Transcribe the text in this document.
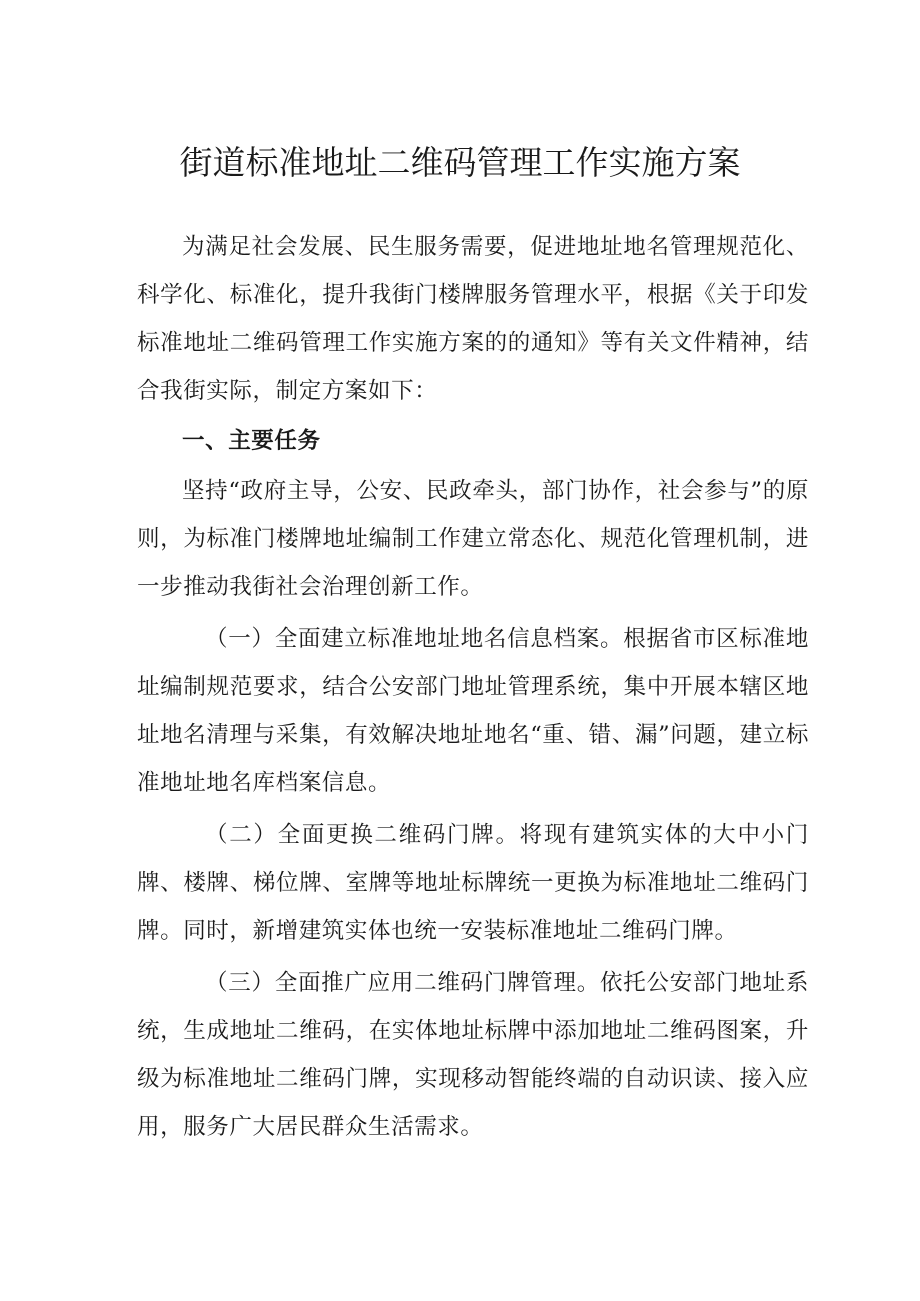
街道标准地址二维码管理工作实施方案

为满足社会发展、民生服务需要，促进地址地名管理规范化、科学化、标准化，提升我街门楼牌服务管理水平，根据《关于印发标准地址二维码管理工作实施方案的的通知》等有关文件精神，结合我街实际，制定方案如下：

一、主要任务

坚持“政府主导，公安、民政牵头，部门协作，社会参与”的原则，为标准门楼牌地址编制工作建立常态化、规范化管理机制，进一步推动我街社会治理创新工作。

（一）全面建立标准地址地名信息档案。根据省市区标准地址编制规范要求，结合公安部门地址管理系统，集中开展本辖区地址地名清理与采集，有效解决地址地名“重、错、漏”问题，建立标准地址地名库档案信息。

（二）全面更换二维码门牌。将现有建筑实体的大中小门牌、楼牌、梯位牌、室牌等地址标牌统一更换为标准地址二维码门牌。同时，新增建筑实体也统一安装标准地址二维码门牌。

（三）全面推广应用二维码门牌管理。依托公安部门地址系统，生成地址二维码，在实体地址标牌中添加地址二维码图案，升级为标准地址二维码门牌，实现移动智能终端的自动识读、接入应用，服务广大居民群众生活需求。
